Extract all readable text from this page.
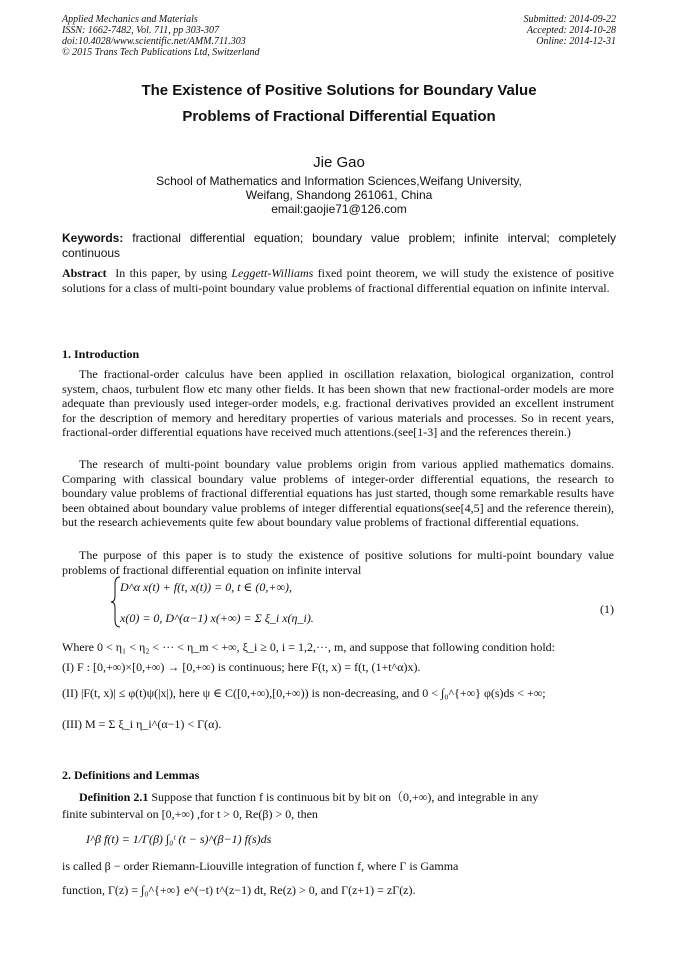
Applied Mechanics and Materials
ISSN: 1662-7482, Vol. 711, pp 303-307
doi:10.4028/www.scientific.net/AMM.711.303
© 2015 Trans Tech Publications Ltd, Switzerland
Submitted: 2014-09-22
Accepted: 2014-10-28
Online: 2014-12-31
The Existence of Positive Solutions for Boundary Value
Problems of Fractional Differential Equation
Jie Gao
School of Mathematics and Information Sciences,Weifang University,
Weifang, Shandong 261061, China
email:gaojie71@126.com
Keywords: fractional differential equation; boundary value problem; infinite interval; completely continuous
Abstract In this paper, by using Leggett-Williams fixed point theorem, we will study the existence of positive solutions for a class of multi-point boundary value problems of fractional differential equation on infinite interval.
1. Introduction
The fractional-order calculus have been applied in oscillation relaxation, biological organization, control system, chaos, turbulent flow etc many other fields. It has been shown that new fractional-order models are more adequate than previously used integer-order models, e.g. fractional derivatives provided an excellent instrument for the description of memory and hereditary properties of various materials and processes. So in recent years, fractional-order differential equations have received much attentions.(see[1-3] and the references therein.)
The research of multi-point boundary value problems origin from various applied mathematics domains. Comparing with classical boundary value problems of integer-order differential equations, the research to boundary value problems of fractional differential equations has just started, though some remarkable results have been obtained about boundary value problems of integer differential equations(see[4,5] and the reference therein), but the research achievements quite few about boundary value problems of fractional differential equations.
The purpose of this paper is to study the existence of positive solutions for multi-point boundary value problems of fractional differential equation on infinite interval
D^α x(t) + f(t, x(t)) = 0, t ∈ (0,+∞),
x(0) = 0, D^(α−1) x(+∞) = Σ ξ_i x(η_i).
(1)
Where 0 < η₁ < η₂ < ··· < η_m < +∞, ξ_i ≥ 0, i = 1,2,···, m, and suppose that following condition hold:
(I) F : [0,+∞)×[0,+∞) → [0,+∞) is continuous; here F(t, x) = f(t, (1+t^α)x).
(II) |F(t, x)| ≤ φ(t)ψ(|x|), here ψ ∈ C([0,+∞),[0,+∞)) is non-decreasing, and 0 < ∫₀^{+∞} φ(s)ds < +∞;
(III) M = Σ ξ_i η_i^(α−1) < Γ(α).
2. Definitions and Lemmas
Definition 2.1 Suppose that function f is continuous bit by bit on（0,+∞), and integrable in any
finite subinterval on [0,+∞) ,for t > 0, Re(β) > 0, then
I^β f(t) = 1/Γ(β) ∫₀ᵗ (t − s)^(β−1) f(s)ds
is called β − order Riemann-Liouville integration of function f, where Γ is Gamma
function, Γ(z) = ∫₀^{+∞} e^(−t) t^(z−1) dt, Re(z) > 0, and Γ(z+1) = zΓ(z).
